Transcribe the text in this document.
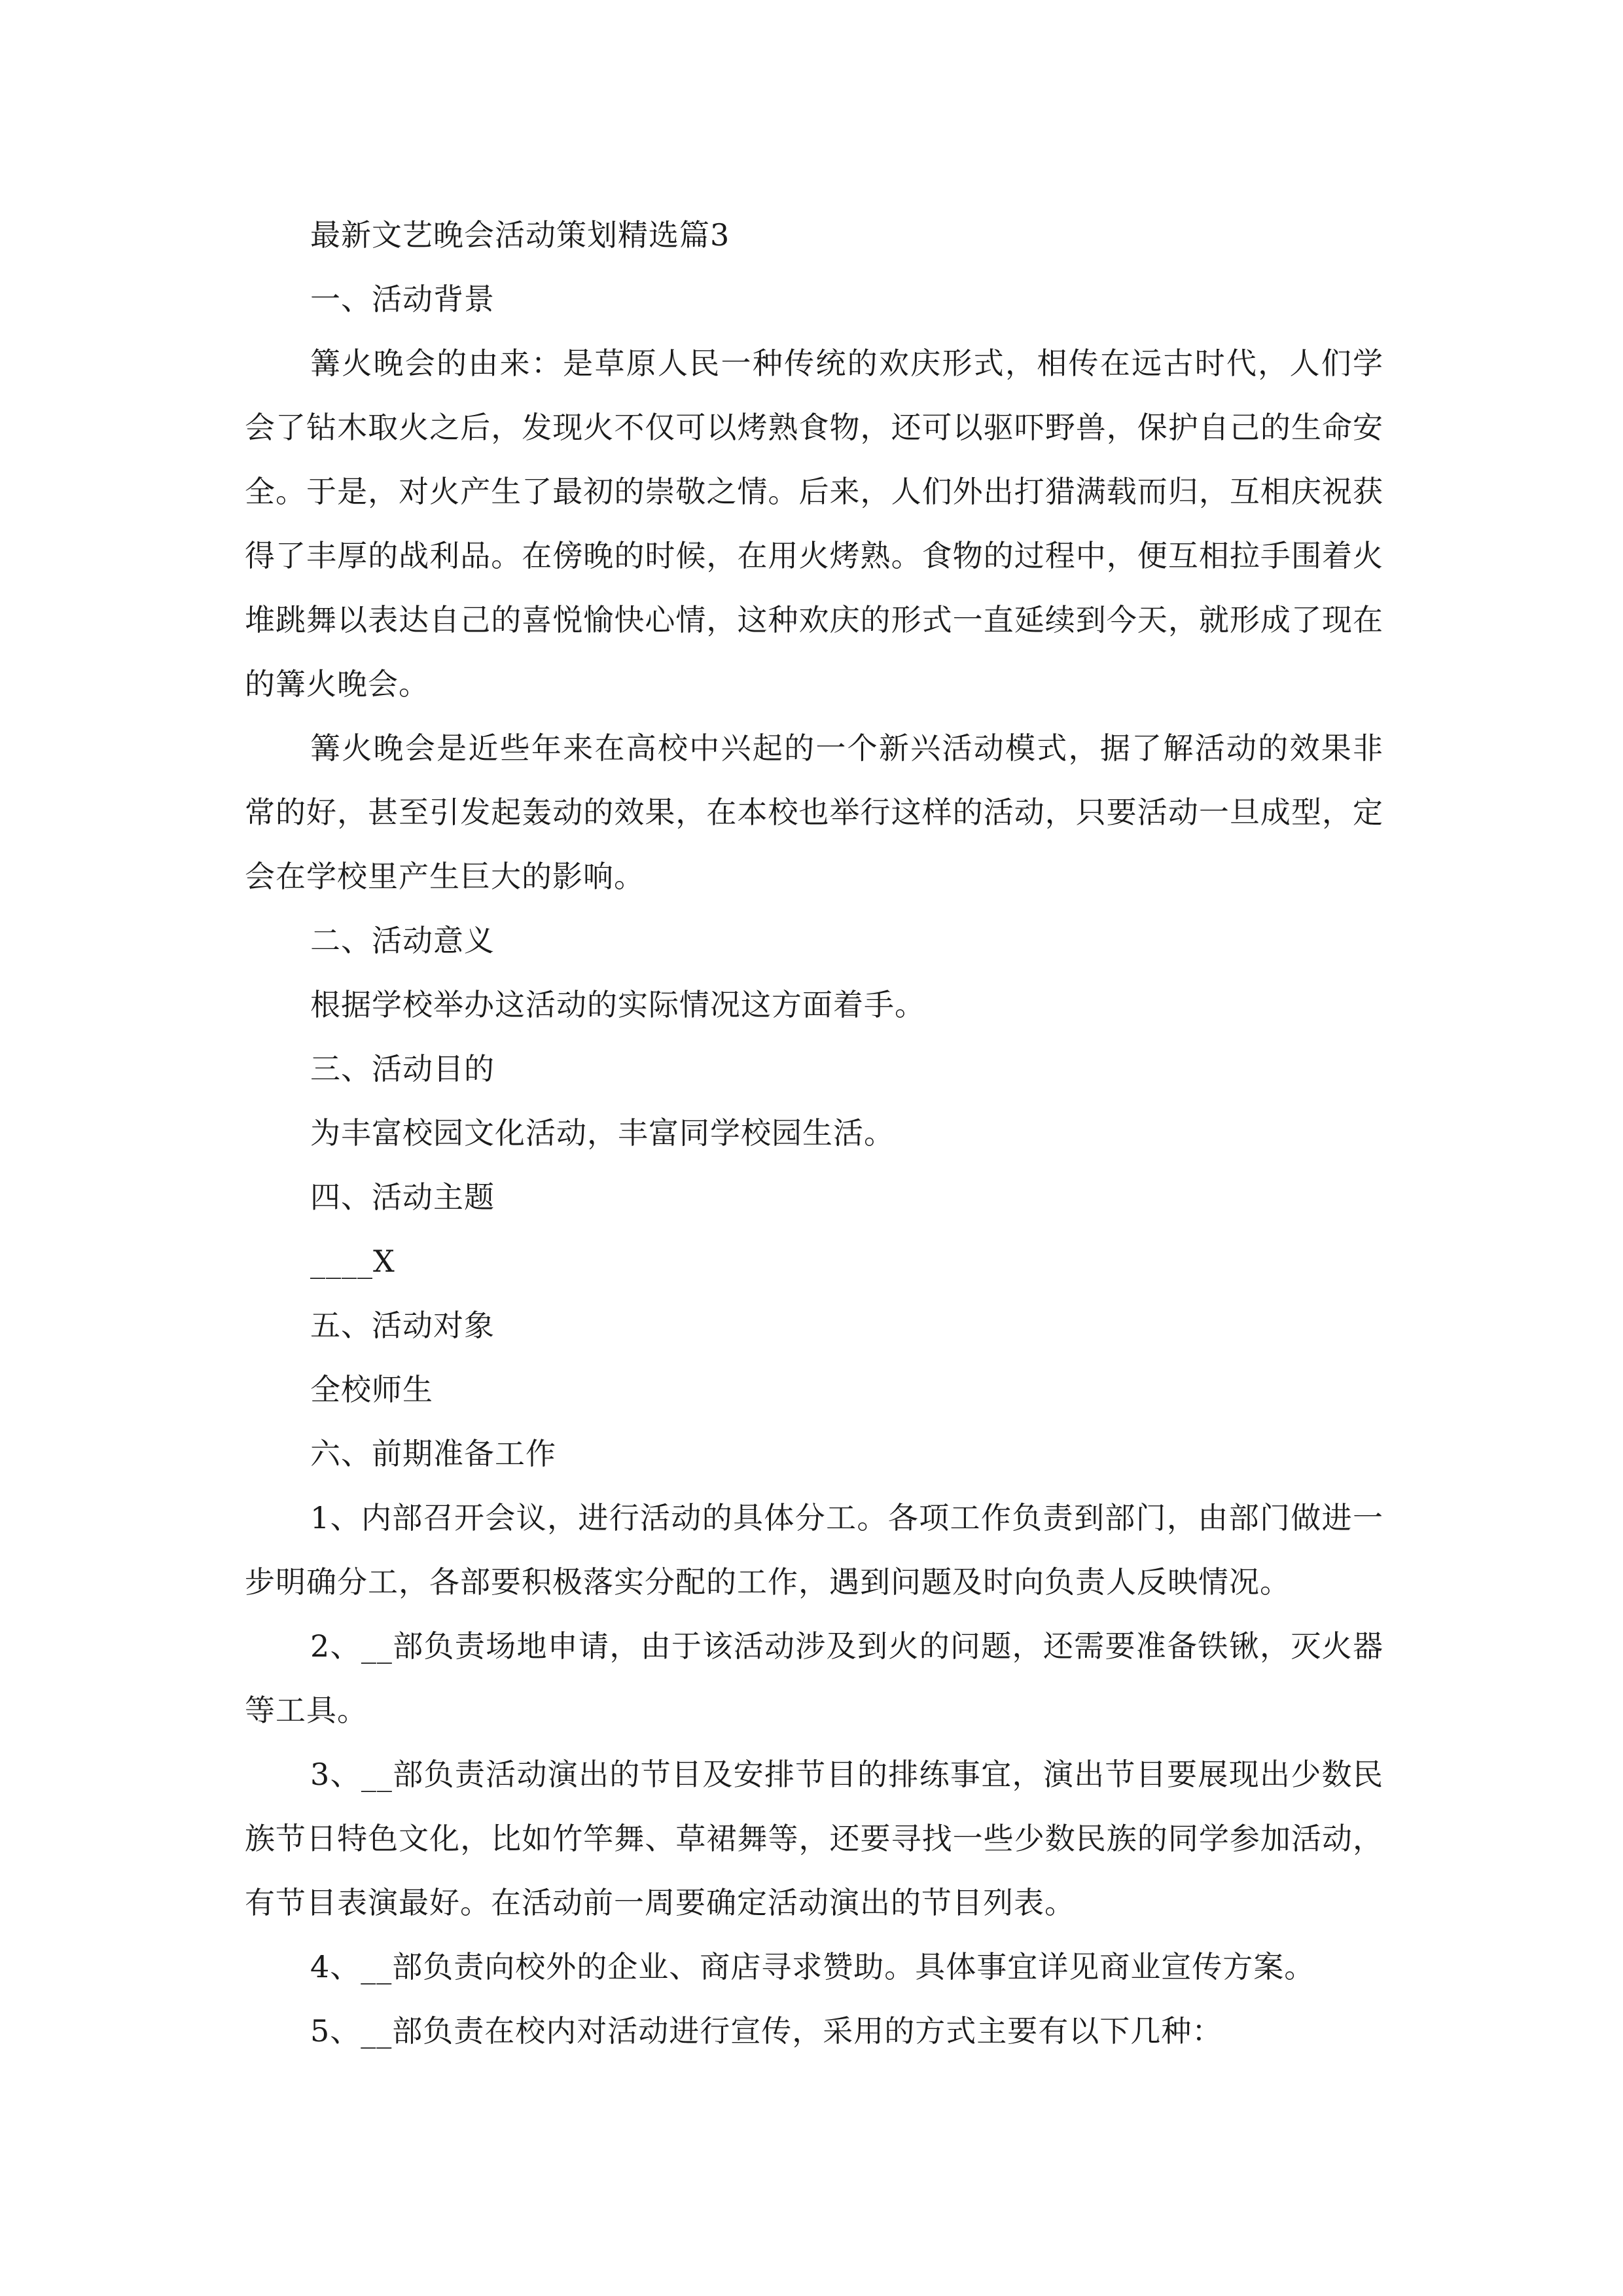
最新文艺晚会活动策划精选篇3

一、活动背景

篝火晚会的由来：是草原人民一种传统的欢庆形式，相传在远古时代，人们学会了钻木取火之后，发现火不仅可以烤熟食物，还可以驱吓野兽，保护自己的生命安全。于是，对火产生了最初的崇敬之情。后来，人们外出打猎满载而归，互相庆祝获得了丰厚的战利品。在傍晚的时候，在用火烤熟。食物的过程中，便互相拉手围着火堆跳舞以表达自己的喜悦愉快心情，这种欢庆的形式一直延续到今天，就形成了现在的篝火晚会。

篝火晚会是近些年来在高校中兴起的一个新兴活动模式，据了解活动的效果非常的好，甚至引发起轰动的效果，在本校也举行这样的活动，只要活动一旦成型，定会在学校里产生巨大的影响。

二、活动意义

根据学校举办这活动的实际情况这方面着手。

三、活动目的

为丰富校园文化活动，丰富同学校园生活。

四、活动主题

____X

五、活动对象

全校师生

六、前期准备工作

1、内部召开会议，进行活动的具体分工。各项工作负责到部门，由部门做进一步明确分工，各部要积极落实分配的工作，遇到问题及时向负责人反映情况。

2、__部负责场地申请，由于该活动涉及到火的问题，还需要准备铁锹，灭火器等工具。

3、__部负责活动演出的节目及安排节目的排练事宜，演出节目要展现出少数民族节日特色文化，比如竹竿舞、草裙舞等，还要寻找一些少数民族的同学参加活动，有节目表演最好。在活动前一周要确定活动演出的节目列表。

4、__部负责向校外的企业、商店寻求赞助。具体事宜详见商业宣传方案。

5、__部负责在校内对活动进行宣传，采用的方式主要有以下几种：
